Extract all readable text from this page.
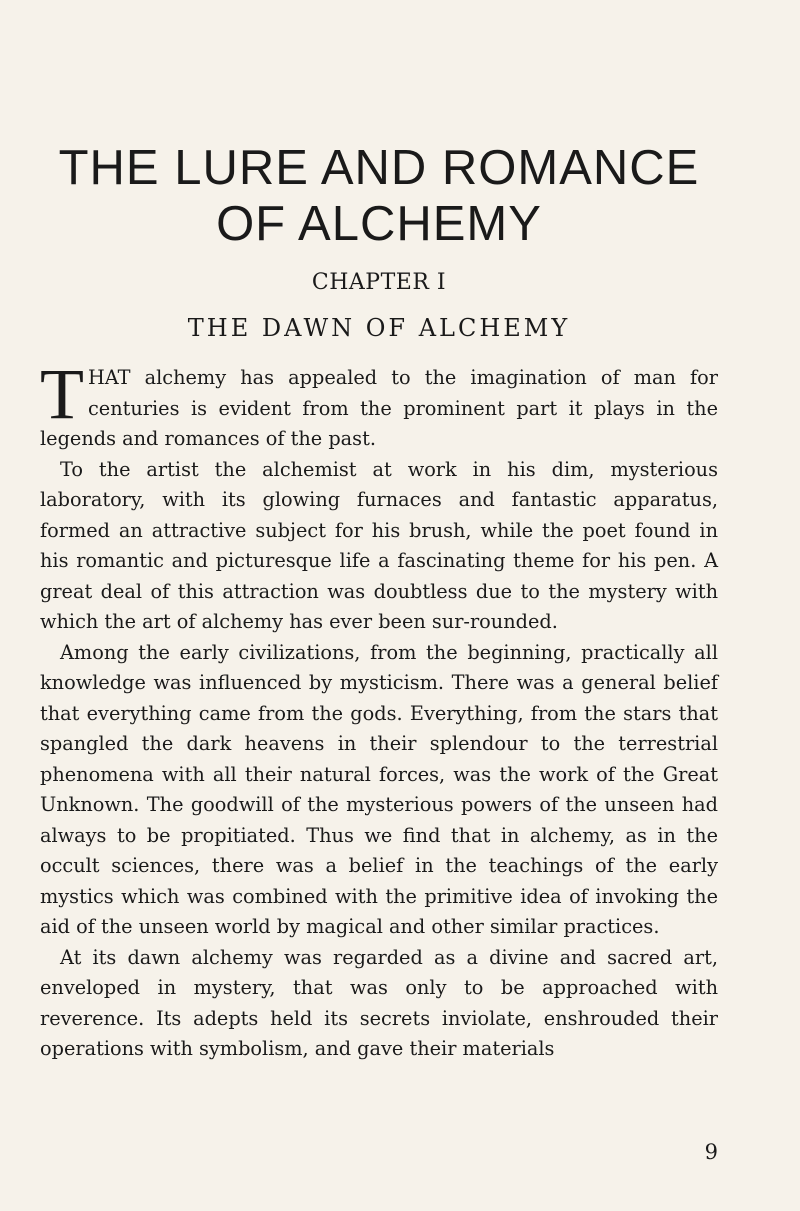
THE LURE AND ROMANCE
OF ALCHEMY
CHAPTER I
THE DAWN OF ALCHEMY

THAT alchemy has appealed to the imagination of man for centuries is evident from the prominent part it plays in the legends and romances of the past.

To the artist the alchemist at work in his dim, mysterious laboratory, with its glowing furnaces and fantastic apparatus, formed an attractive subject for his brush, while the poet found in his romantic and picturesque life a fascinating theme for his pen. A great deal of this attraction was doubtless due to the mystery with which the art of alchemy has ever been sur-rounded.

Among the early civilizations, from the beginning, practically all knowledge was influenced by mysticism. There was a general belief that everything came from the gods. Everything, from the stars that spangled the dark heavens in their splendour to the terrestrial phenomena with all their natural forces, was the work of the Great Unknown. The goodwill of the mysterious powers of the unseen had always to be propitiated. Thus we find that in alchemy, as in the occult sciences, there was a belief in the teachings of the early mystics which was combined with the primitive idea of invoking the aid of the unseen world by magical and other similar practices.

At its dawn alchemy was regarded as a divine and sacred art, enveloped in mystery, that was only to be approached with reverence. Its adepts held its secrets inviolate, enshrouded their operations with symbolism, and gave their materials

9
